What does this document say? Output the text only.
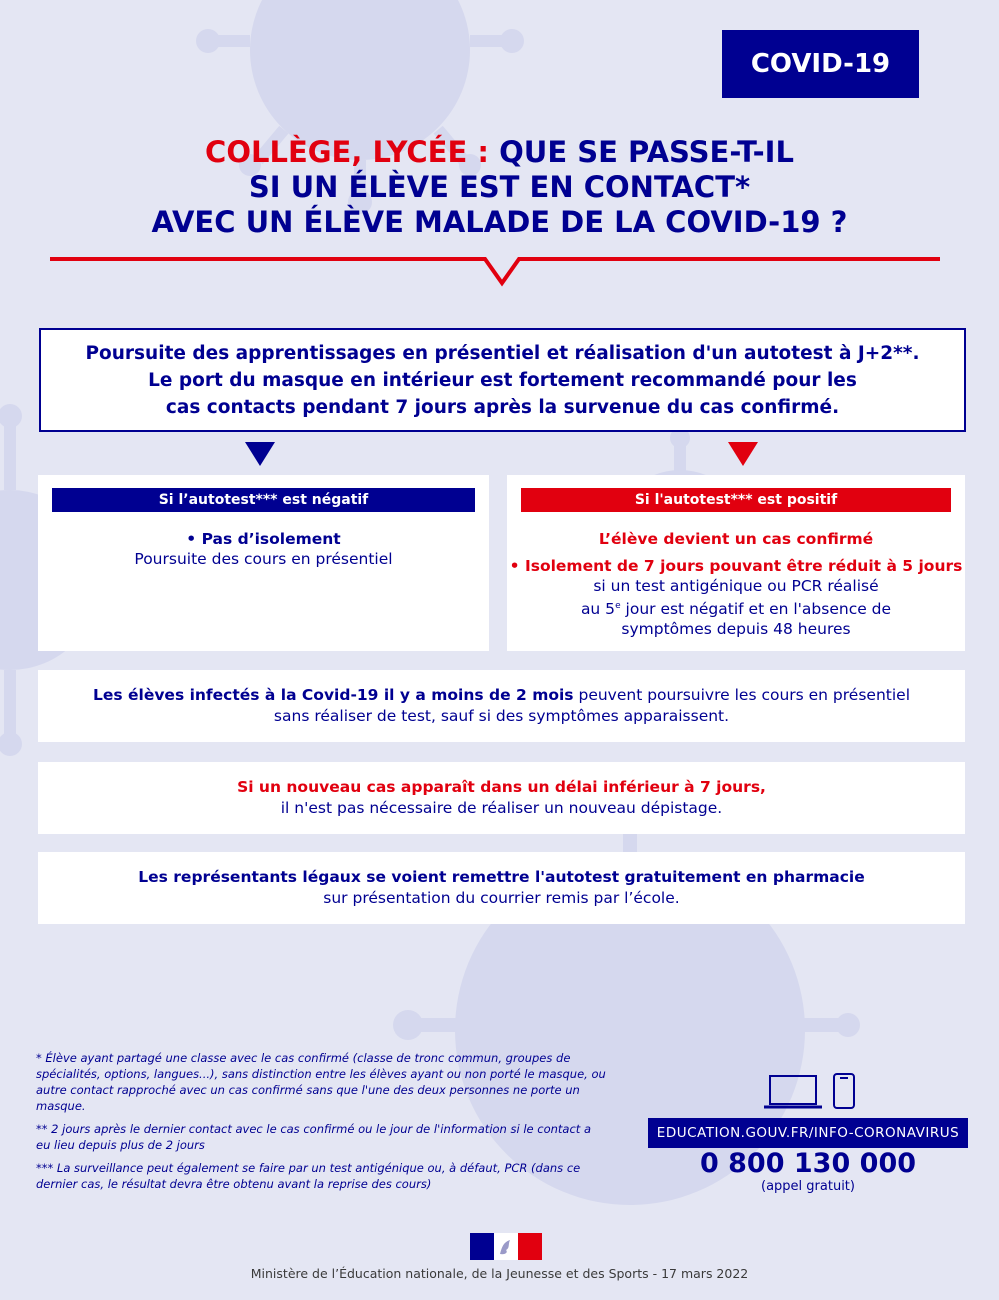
COVID-19
COLLÈGE, LYCÉE : QUE SE PASSE-T-IL
SI UN ÉLÈVE EST EN CONTACT*
AVEC UN ÉLÈVE MALADE DE LA COVID-19 ?
Poursuite des apprentissages en présentiel et réalisation d'un autotest à J+2**.
Le port du masque en intérieur est fortement recommandé pour les
cas contacts pendant 7 jours après la survenue du cas confirmé.
Si l’autotest*** est négatif
• Pas d’isolement
Poursuite des cours en présentiel
Si l'autotest*** est positif
L’élève devient un cas confirmé
• Isolement de 7 jours pouvant être réduit à 5 jours
si un test antigénique ou PCR réalisé
au 5e jour est négatif et en l'absence de
symptômes depuis 48 heures
Les élèves infectés à la Covid-19 il y a moins de 2 mois peuvent poursuivre les cours en présentiel
sans réaliser de test, sauf si des symptômes apparaissent.
Si un nouveau cas apparaît dans un délai inférieur à 7 jours,
il n'est pas nécessaire de réaliser un nouveau dépistage.
Les représentants légaux se voient remettre l'autotest gratuitement en pharmacie
sur présentation du courrier remis par l’école.

* Élève ayant partagé une classe avec le cas confirmé (classe de tronc commun, groupes de spécialités, options, langues...), sans distinction entre les élèves ayant ou non porté le masque, ou autre contact rapproché avec un cas confirmé sans que l'une des deux personnes ne porte un masque.

** 2 jours après le dernier contact avec le cas confirmé ou le jour de l'information si le contact a eu lieu depuis plus de 2 jours

*** La surveillance peut également se faire par un test antigénique ou, à défaut, PCR (dans ce dernier cas, le résultat devra être obtenu avant la reprise des cours)

EDUCATION.GOUV.FR/INFO-CORONAVIRUS
0 800 130 000
(appel gratuit)
Ministère de l’Éducation nationale, de la Jeunesse et des Sports - 17 mars 2022
